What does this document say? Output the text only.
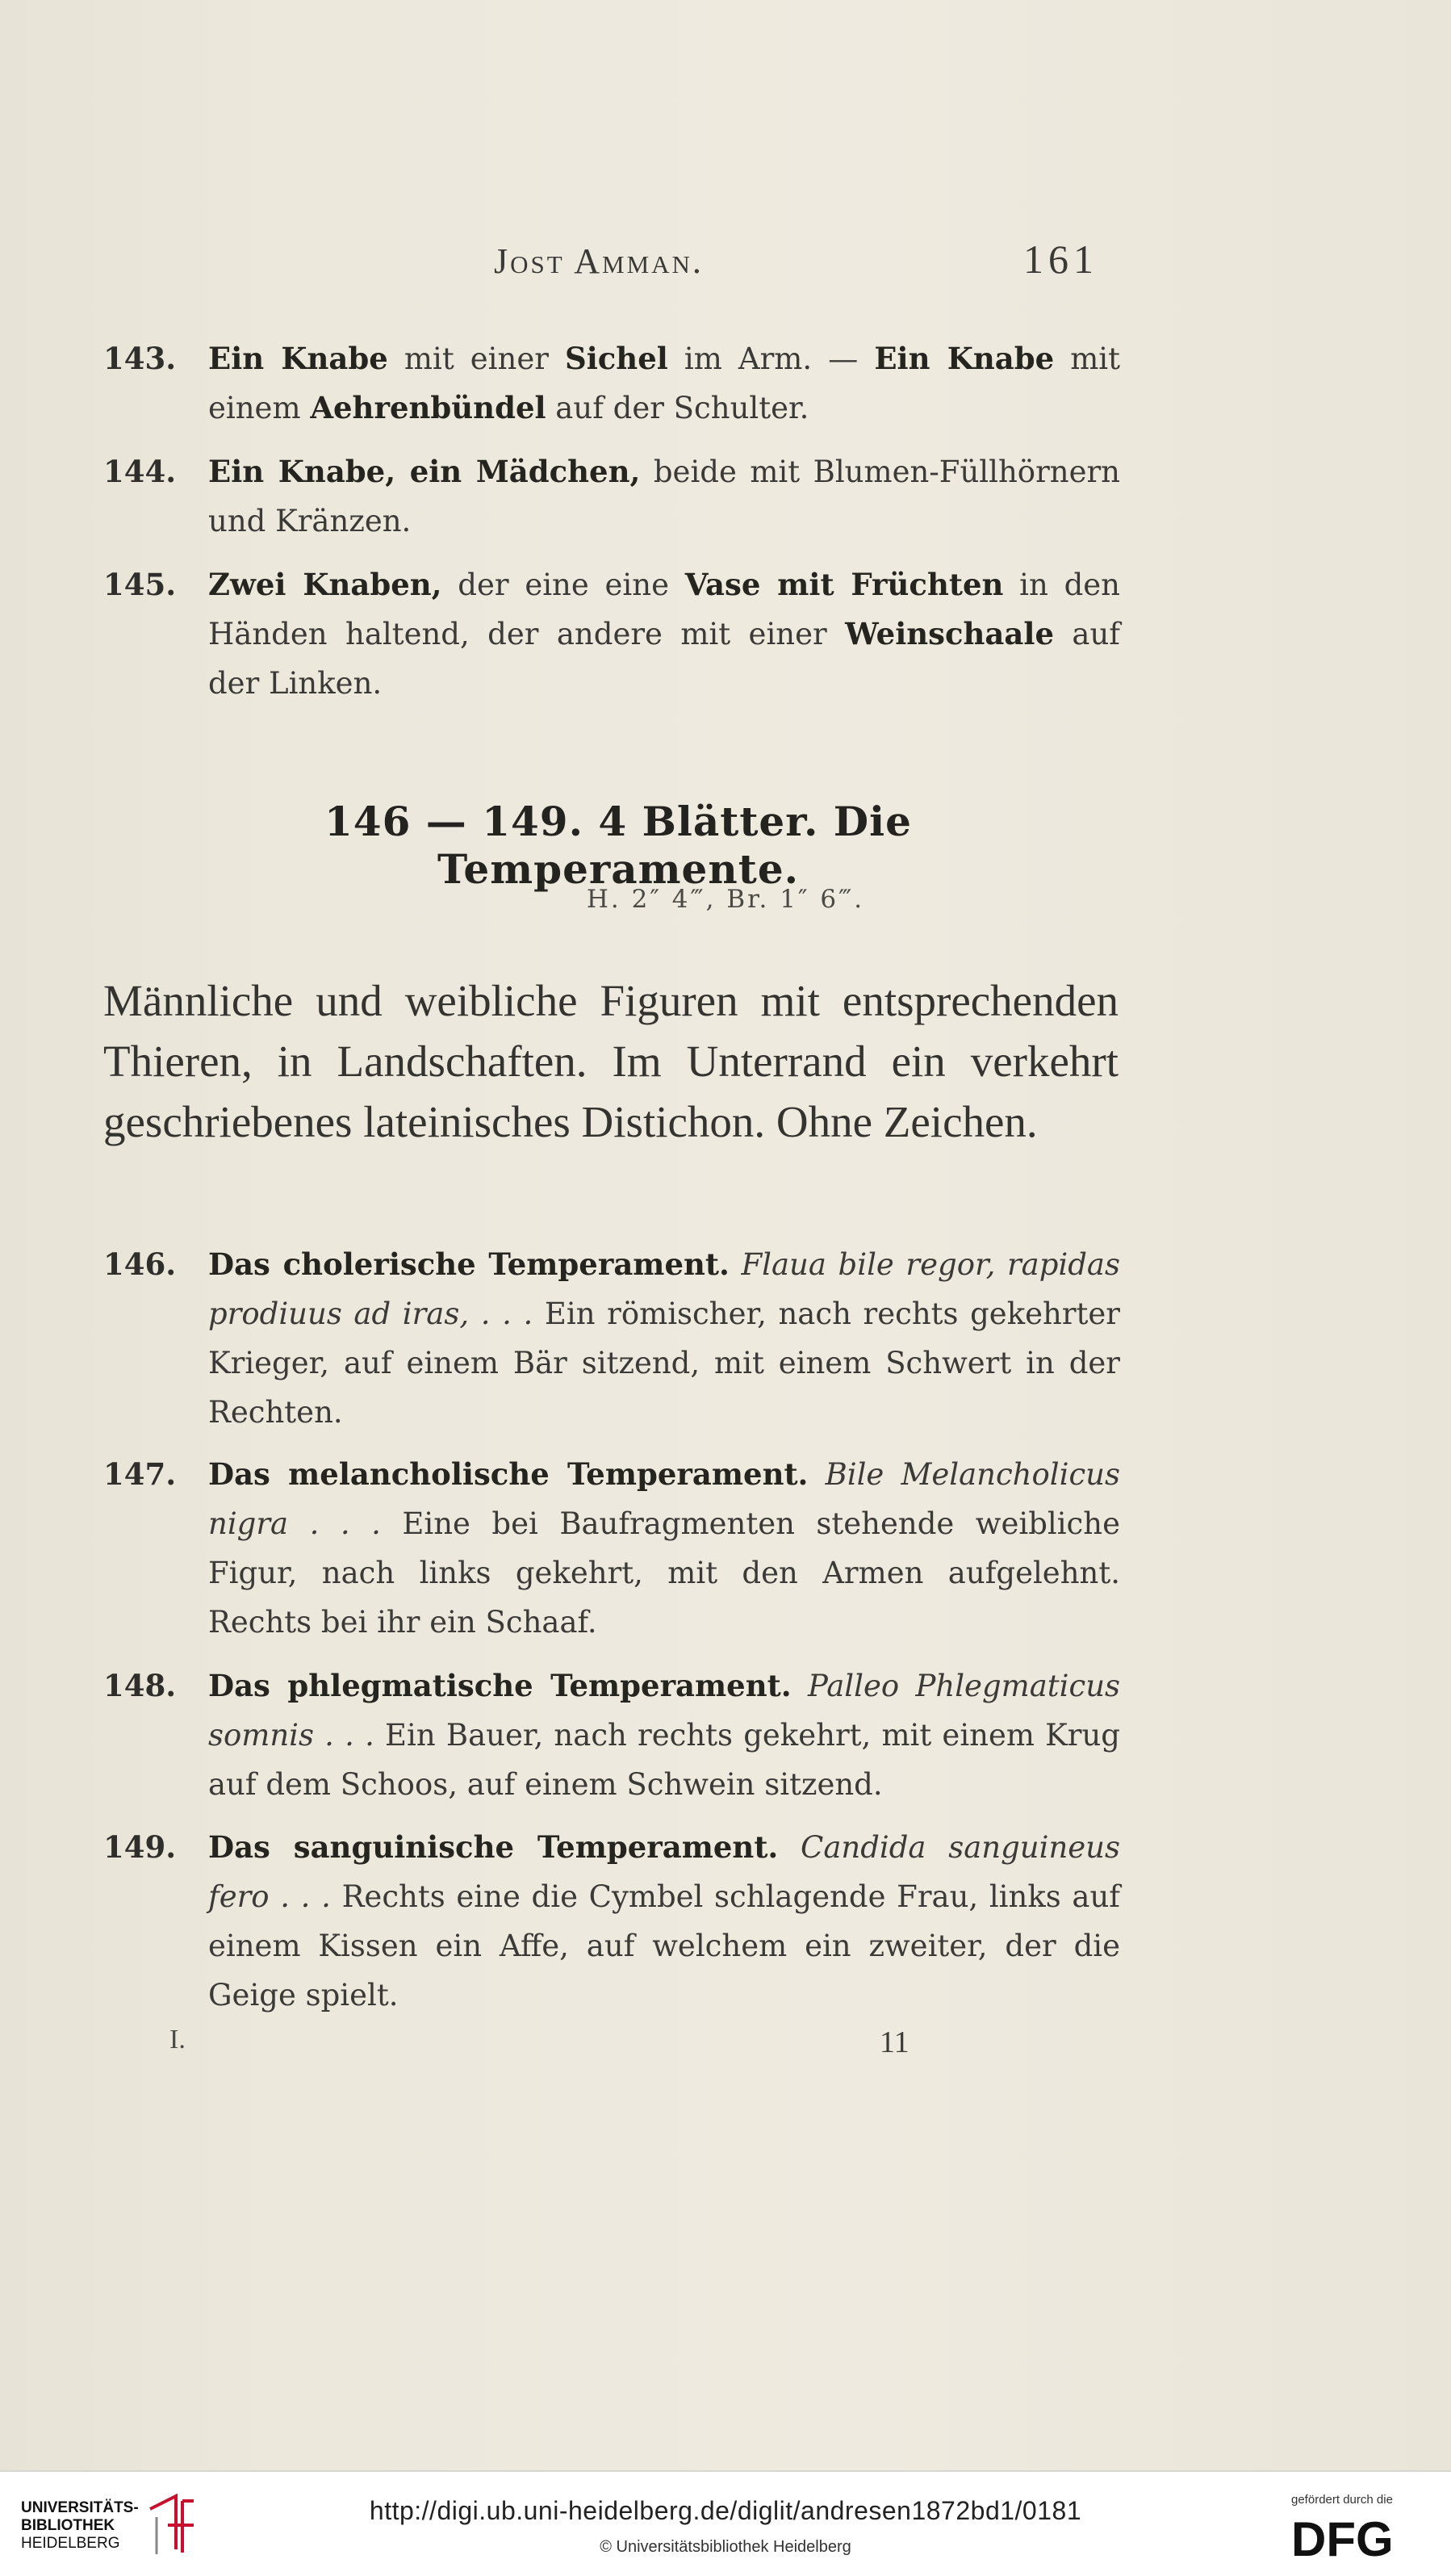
Jost Amman.	161
143. Ein Knabe mit einer Sichel im Arm. — Ein Knabe mit einem Aehrenbündel auf der Schulter.
144. Ein Knabe, ein Mädchen, beide mit Blumen-Füllhörnern und Kränzen.
145. Zwei Knaben, der eine eine Vase mit Früchten in den Händen haltend, der andere mit einer Weinschaale auf der Linken.
146 — 149. 4 Blätter. Die Temperamente.
H. 2″ 4‴, Br. 1″ 6‴.
Männliche und weibliche Figuren mit entsprechenden Thieren, in Landschaften. Im Unterrand ein verkehrt geschriebenes lateinisches Distichon. Ohne Zeichen.
146. Das cholerische Temperament. Flaua bile regor, rapidas prodiuus ad iras, . . . Ein römischer, nach rechts gekehrter Krieger, auf einem Bär sitzend, mit einem Schwert in der Rechten.
147. Das melancholische Temperament. Bile Melancholicus nigra . . . Eine bei Baufragmenten stehende weibliche Figur, nach links gekehrt, mit den Armen aufgelehnt. Rechts bei ihr ein Schaaf.
148. Das phlegmatische Temperament. Palleo Phlegmaticus somnis . . . Ein Bauer, nach rechts gekehrt, mit einem Krug auf dem Schoos, auf einem Schwein sitzend.
149. Das sanguinische Temperament. Candida sanguineus fero . . . Rechts eine die Cymbel schlagende Frau, links auf einem Kissen ein Affe, auf welchem ein zweiter, der die Geige spielt.
I.	11
UNIVERSITÄTS-
BIBLIOTHEK
HEIDELBERG
http://digi.ub.uni-heidelberg.de/diglit/andresen1872bd1/0181
© Universitätsbibliothek Heidelberg
gefördert durch die
DFG
